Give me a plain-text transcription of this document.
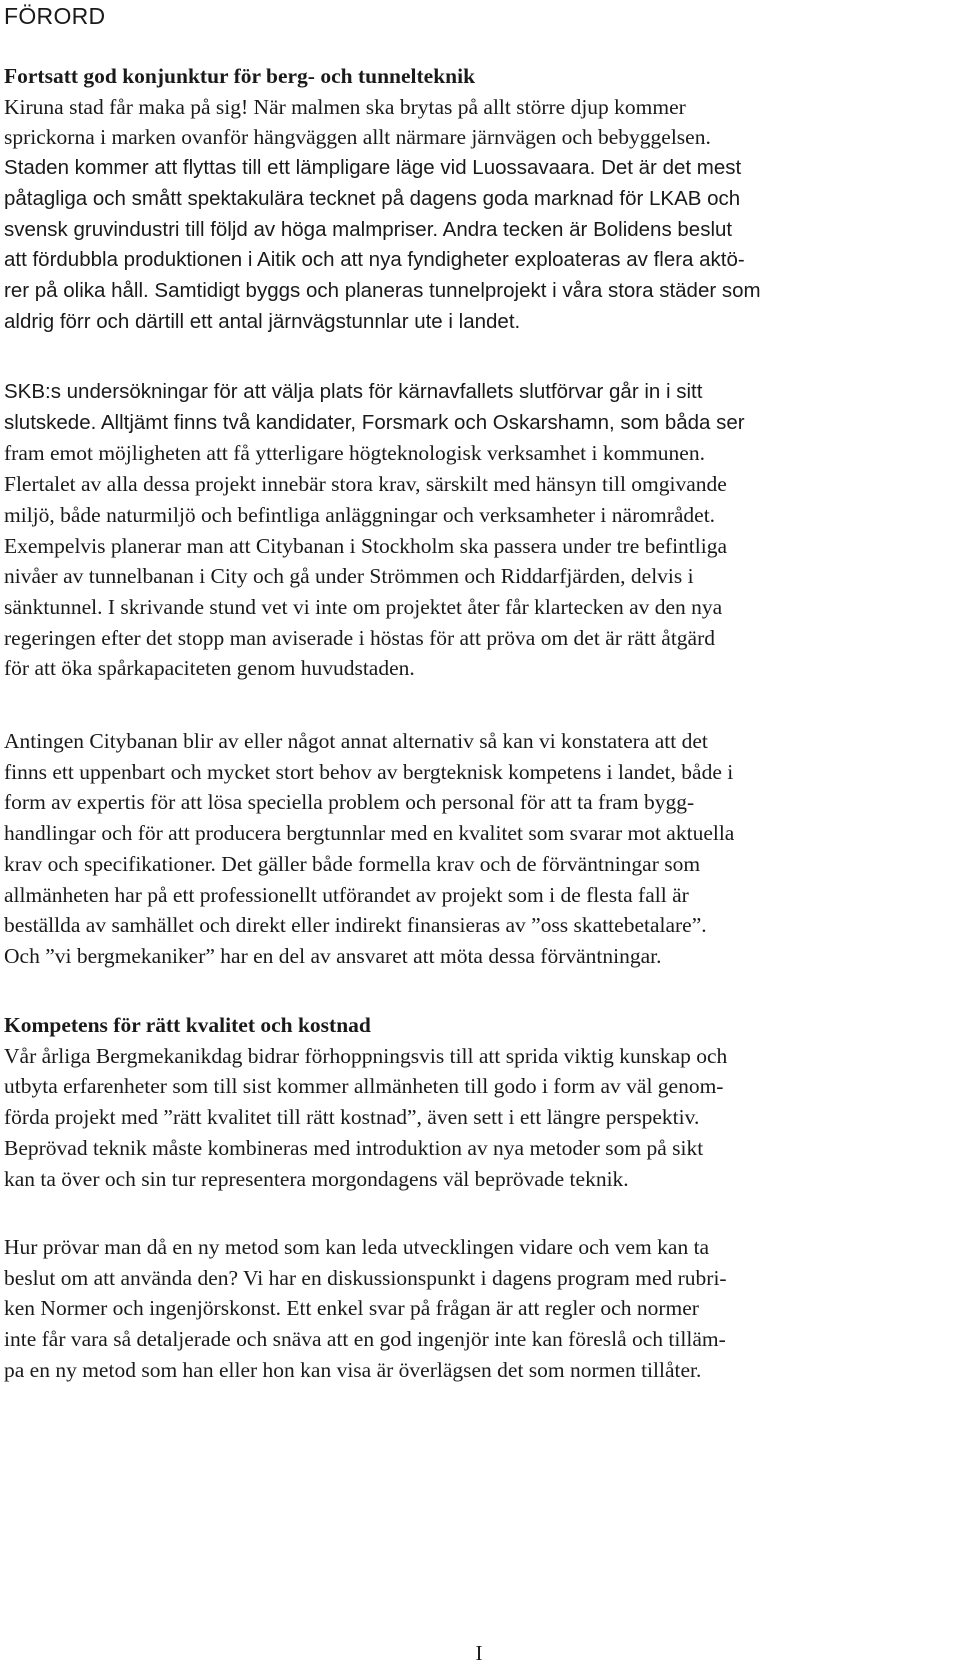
FÖRORD
Fortsatt god konjunktur för berg- och tunnelteknik
Kiruna stad får maka på sig! När malmen ska brytas på allt större djup kommer
sprickorna i marken ovanför hängväggen allt närmare järnvägen och bebyggelsen.
Staden kommer att flyttas till ett lämpligare läge vid Luossavaara. Det är det mest
påtagliga och smått spektakulära tecknet på dagens goda marknad för LKAB och
svensk gruvindustri till följd av höga malmpriser. Andra tecken är Bolidens beslut
att fördubbla produktionen i Aitik och att nya fyndigheter exploateras av flera aktö-
rer på olika håll. Samtidigt byggs och planeras tunnelprojekt i våra stora städer som
aldrig förr och därtill ett antal järnvägstunnlar ute i landet.
SKB:s undersökningar för att välja plats för kärnavfallets slutförvar går in i sitt
slutskede. Alltjämt finns två kandidater, Forsmark och Oskarshamn, som båda ser
fram emot möjligheten att få ytterligare högteknologisk verksamhet i kommunen.
Flertalet av alla dessa projekt innebär stora krav, särskilt med hänsyn till omgivande
miljö, både naturmiljö och befintliga anläggningar och verksamheter i närområdet.
Exempelvis planerar man att Citybanan i Stockholm ska passera under tre befintliga
nivåer av tunnelbanan i City och gå under Strömmen och Riddarfjärden, delvis i
sänktunnel. I skrivande stund vet vi inte om projektet åter får klartecken av den nya
regeringen efter det stopp man aviserade i höstas för att pröva om det är rätt åtgärd
för att öka spårkapaciteten genom huvudstaden.
Antingen Citybanan blir av eller något annat alternativ så kan vi konstatera att det
finns ett uppenbart och mycket stort behov av bergteknisk kompetens i landet, både i
form av expertis för att lösa speciella problem och personal för att ta fram bygg-
handlingar och för att producera bergtunnlar med en kvalitet som svarar mot aktuella
krav och specifikationer. Det gäller både formella krav och de förväntningar som
allmänheten har på ett professionellt utförandet av projekt som i de flesta fall är
beställda av samhället och direkt eller indirekt finansieras av ”oss skattebetalare”.
Och ”vi bergmekaniker” har en del av ansvaret att möta dessa förväntningar.
Kompetens för rätt kvalitet och kostnad
Vår årliga Bergmekanikdag bidrar förhoppningsvis till att sprida viktig kunskap och
utbyta erfarenheter som till sist kommer allmänheten till godo i form av väl genom-
förda projekt med ”rätt kvalitet till rätt kostnad”, även sett i ett längre perspektiv.
Beprövad teknik måste kombineras med introduktion av nya metoder som på sikt
kan ta över och sin tur representera morgondagens väl beprövade teknik.
Hur prövar man då en ny metod som kan leda utvecklingen vidare och vem kan ta
beslut om att använda den? Vi har en diskussionspunkt i dagens program med rubri-
ken Normer och ingenjörskonst. Ett enkel svar på frågan är att regler och normer
inte får vara så detaljerade och snäva att en god ingenjör inte kan föreslå och tilläm-
pa en ny metod som han eller hon kan visa är överlägsen det som normen tillåter.
I
